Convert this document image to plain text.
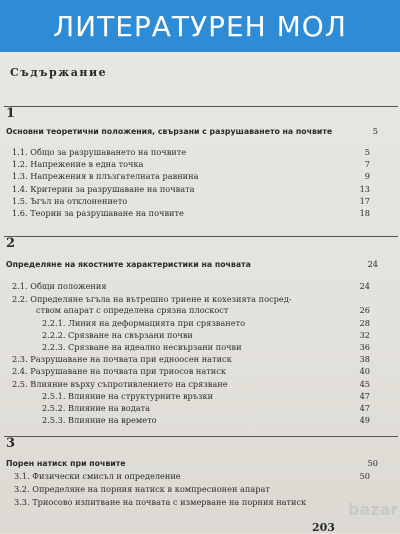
ЛИТЕРАТУРЕН МОЛ
Съдържание
1
Основни теоретични положения, свързани с разрушаването на почвите	5
1.1. Общо за разрушаването на почвите	5
1.2. Напрежение в една точка	7
1.3. Напрежения в плъзгателната равнина	9
1.4. Критерии за разрушаване на почвата	13
1.5. Ъгъл на отклонението	17
1.6. Теории за разрушаване на почвите	18
2
Определяне на якостните характеристики на почвата	24
2.1. Общи положения	24
2.2. Определяне ъгъла на вътрешно триене и кохезията посред-
ством апарат с определена срязна плоскост	26
2.2.1. Линия на деформацията при срязването	28
2.2.2. Срязване на свързани почви	32
2.2.3. Срязване на идеално несвързани почви	36
2.3. Разрушаване на почвата при едноосен натиск	38
2.4. Разрушаване на почвата при триосов натиск	40
2.5. Влияние върху съпротивлението на срязване	45
2.5.1. Влияние на структурните връзки	47
2.5.2. Влияние на водата	47
2.5.3. Влияние на времето	49
3
Порен натиск при почвите	50
3.1. Физически смисъл и определение	50
3.2. Определяне на порния натиск в компресионен апарат
3.3. Триосово изпитване на почвата с измерване на порния натиск
203
bazar
